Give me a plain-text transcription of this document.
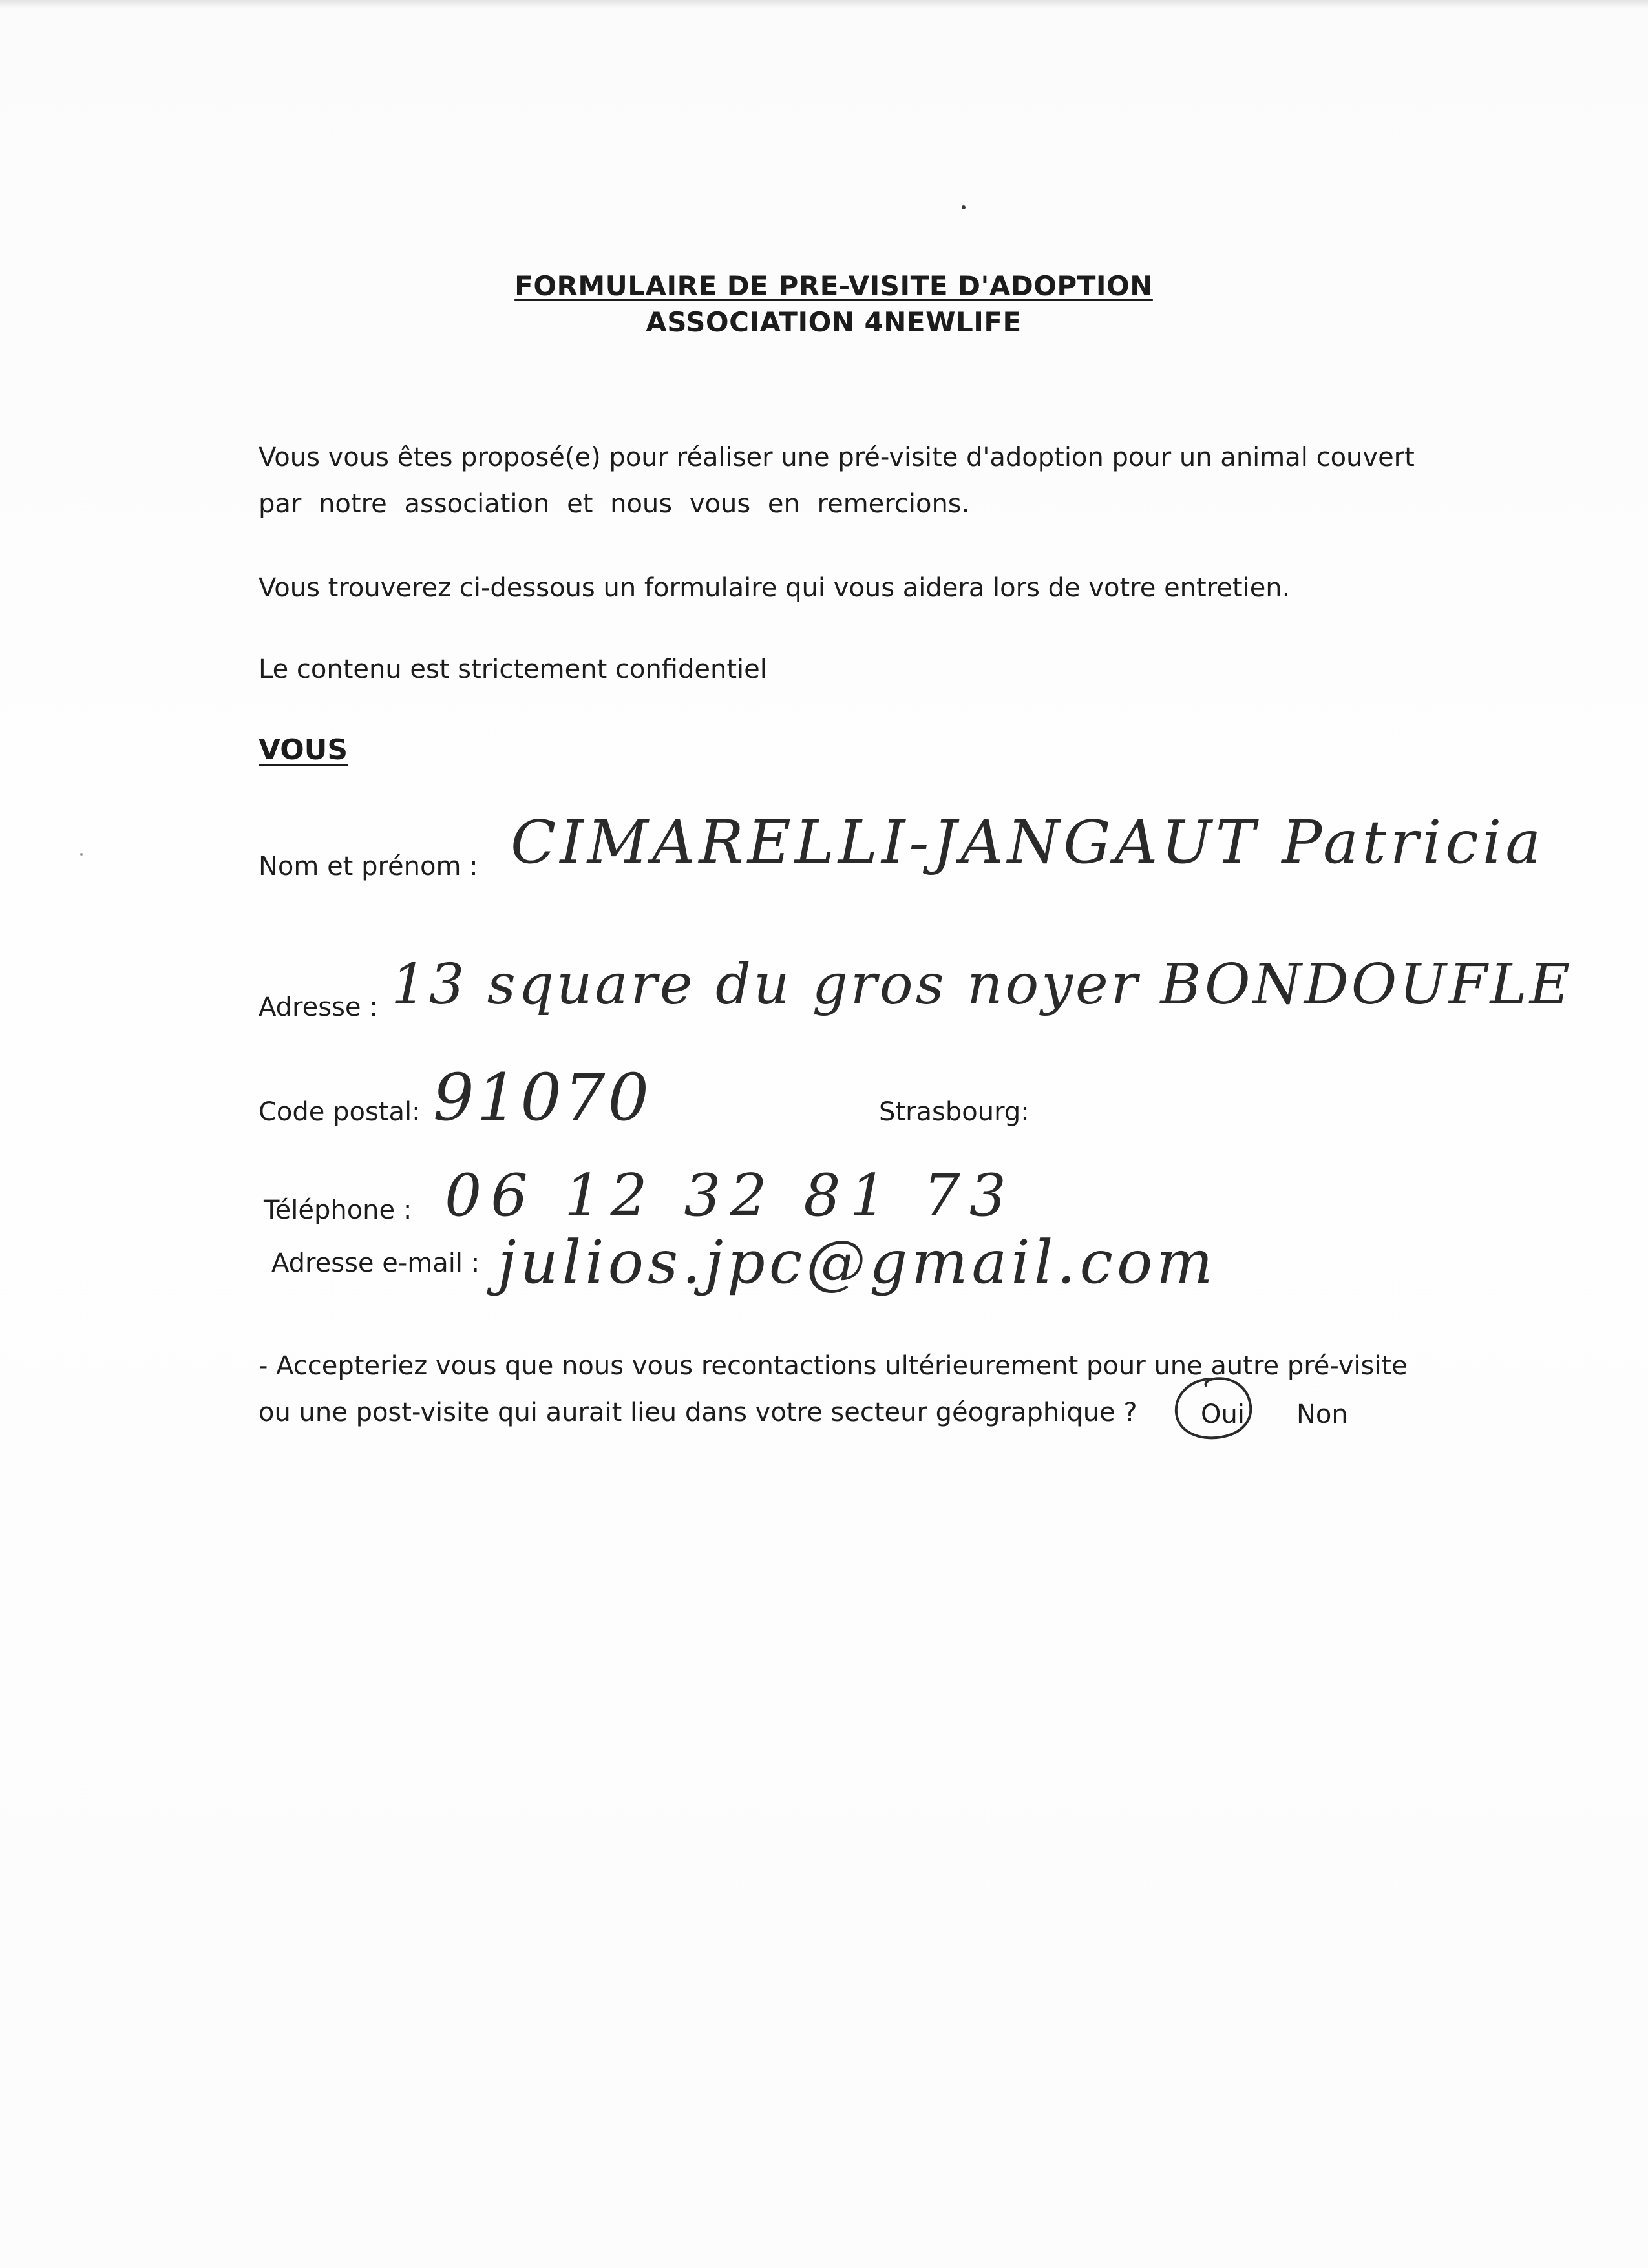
FORMULAIRE DE PRE-VISITE D'ADOPTION
ASSOCIATION 4NEWLIFE
Vous vous êtes proposé(e) pour réaliser une pré-visite d'adoption pour un animal couvert
par notre association et nous vous en remercions.
Vous trouverez ci-dessous un formulaire qui vous aidera lors de votre entretien.
Le contenu est strictement confidentiel
VOUS
Nom et prénom : CIMARELLI-JANGAUT Patricia
Adresse : 13 square du gros noyer BONDOUFLE
Code postal: 91070	Strasbourg:
Téléphone : 06 12 32 81 73
Adresse e-mail : julios.jpc@gmail.com
- Accepteriez vous que nous vous recontactions ultérieurement pour une autre pré-visite
ou une post-visite qui aurait lieu dans votre secteur géographique ?	Oui Non
